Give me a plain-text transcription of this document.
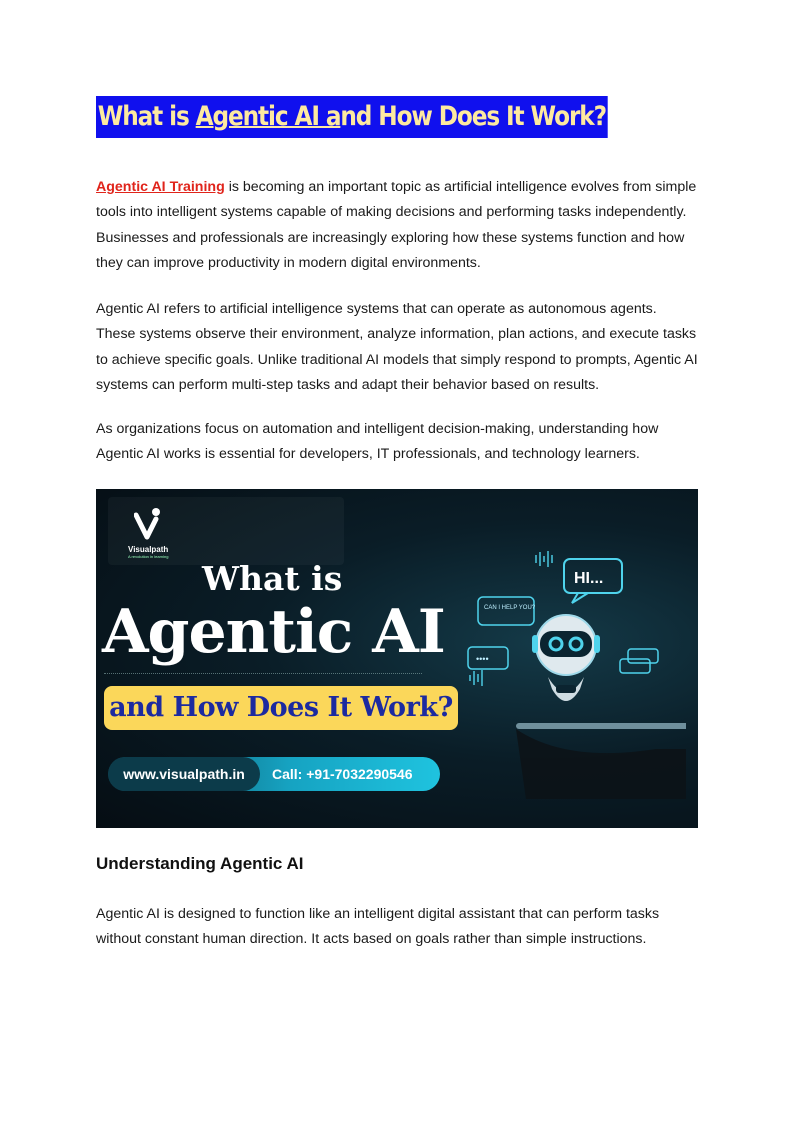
What is Agentic AI and How Does It Work?

Agentic AI Training is becoming an important topic as artificial intelligence evolves from simple tools into intelligent systems capable of making decisions and performing tasks independently. Businesses and professionals are increasingly exploring how these systems function and how they can improve productivity in modern digital environments.

Agentic AI refers to artificial intelligence systems that can operate as autonomous agents. These systems observe their environment, analyze information, plan actions, and execute tasks to achieve specific goals. Unlike traditional AI models that simply respond to prompts, Agentic AI systems can perform multi-step tasks and adapt their behavior based on results.

As organizations focus on automation and intelligent decision-making, understanding how Agentic AI works is essential for developers, IT professionals, and technology learners.

Visualpath
A revolution in learning
What is
Agentic AI
and How Does It Work?
www.visualpath.in	Call: +91-7032290546
HI...
CAN I HELP YOU?
••••
Understanding Agentic AI

Agentic AI is designed to function like an intelligent digital assistant that can perform tasks without constant human direction. It acts based on goals rather than simple instructions.
